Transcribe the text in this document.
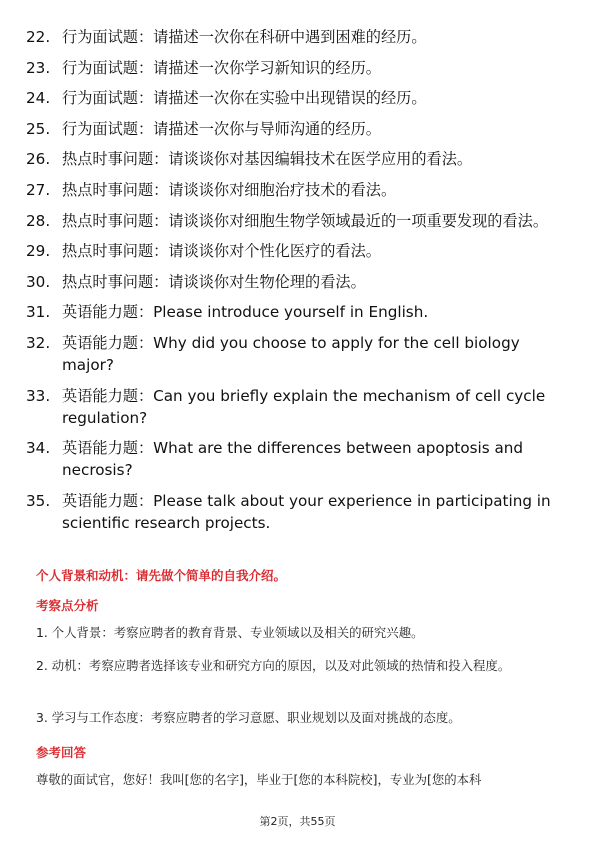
22. 行为面试题：请描述一次你在科研中遇到困难的经历。
23. 行为面试题：请描述一次你学习新知识的经历。
24. 行为面试题：请描述一次你在实验中出现错误的经历。
25. 行为面试题：请描述一次你与导师沟通的经历。
26. 热点时事问题：请谈谈你对基因编辑技术在医学应用的看法。
27. 热点时事问题：请谈谈你对细胞治疗技术的看法。
28. 热点时事问题：请谈谈你对细胞生物学领域最近的一项重要发现的看法。
29. 热点时事问题：请谈谈你对个性化医疗的看法。
30. 热点时事问题：请谈谈你对生物伦理的看法。
31. 英语能力题：Please introduce yourself in English.
32. 英语能力题：Why did you choose to apply for the cell biology major?
33. 英语能力题：Can you briefly explain the mechanism of cell cycle regulation?
34. 英语能力题：What are the differences between apoptosis and necrosis?
35. 英语能力题：Please talk about your experience in participating in scientific research projects.
个人背景和动机：请先做个简单的自我介绍。
考察点分析
1. 个人背景：考察应聘者的教育背景、专业领域以及相关的研究兴趣。
2. 动机：考察应聘者选择该专业和研究方向的原因，以及对此领域的热情和投入程度。
3. 学习与工作态度：考察应聘者的学习意愿、职业规划以及面对挑战的态度。
参考回答
尊敬的面试官，您好！我叫[您的名字]，毕业于[您的本科院校]，专业为[您的本科
第2页，共55页
